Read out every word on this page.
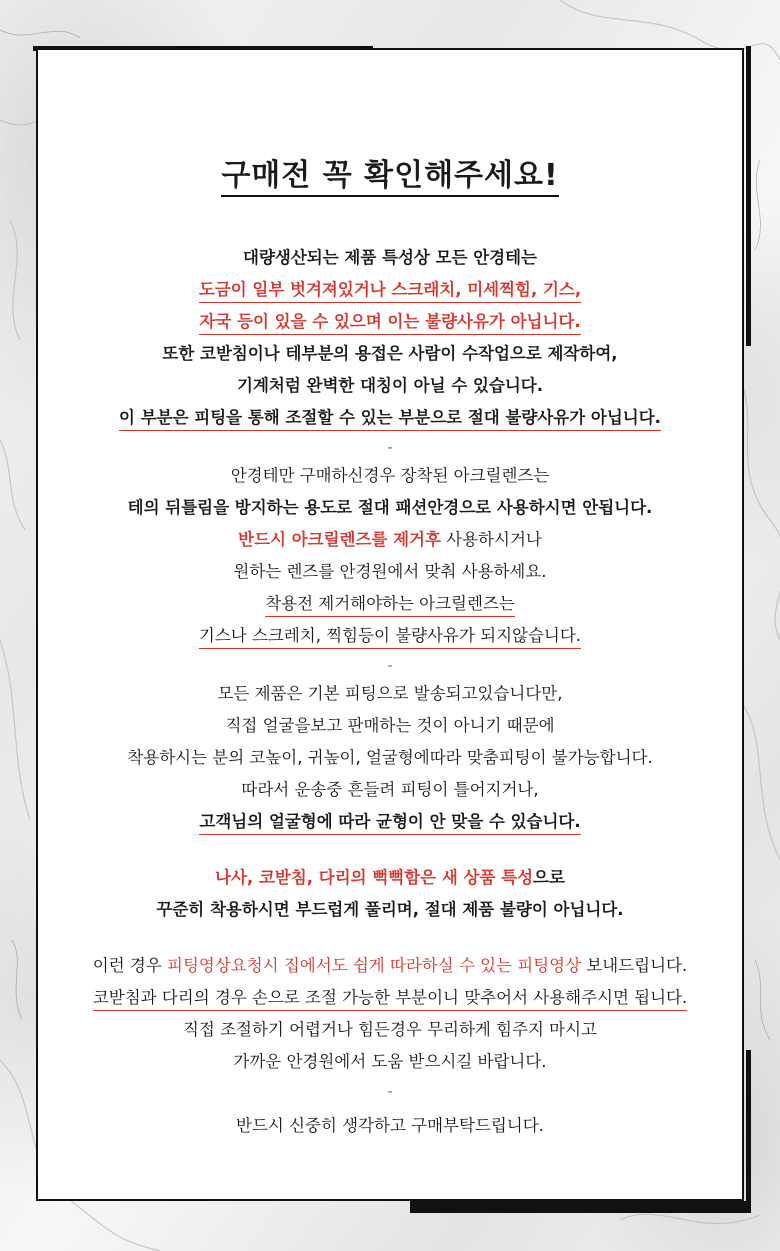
구매전 꼭 확인해주세요!
대량생산되는 제품 특성상 모든 안경테는
도금이 일부 벗겨져있거나 스크래치, 미세찍힘, 기스,
자국 등이 있을 수 있으며 이는 불량사유가 아닙니다.
또한 코받침이나 테부분의 용접은 사람이 수작업으로 제작하여,
기계처럼 완벽한 대칭이 아닐 수 있습니다.
이 부분은 피팅을 통해 조절할 수 있는 부분으로 절대 불량사유가 아닙니다.
-
안경테만 구매하신경우 장착된 아크릴렌즈는
테의 뒤틀림을 방지하는 용도로 절대 패션안경으로 사용하시면 안됩니다.
반드시 아크릴렌즈를 제거후 사용하시거나
원하는 렌즈를 안경원에서 맞춰 사용하세요.
착용전 제거해야하는 아크릴렌즈는
기스나 스크레치, 찍힘등이 불량사유가 되지않습니다.
-
모든 제품은 기본 피팅으로 발송되고있습니다만,
직접 얼굴을보고 판매하는 것이 아니기 때문에
착용하시는 분의 코높이, 귀높이, 얼굴형에따라 맞춤피팅이 불가능합니다.
따라서 운송중 흔들려 피팅이 틀어지거나,
고객님의 얼굴형에 따라 균형이 안 맞을 수 있습니다.
나사, 코받침, 다리의 뻑뻑함은 새 상품 특성으로
꾸준히 착용하시면 부드럽게 풀리며, 절대 제품 불량이 아닙니다.
이런 경우 피팅영상요청시 집에서도 쉽게 따라하실 수 있는 피팅영상 보내드립니다.
코받침과 다리의 경우 손으로 조절 가능한 부분이니 맞추어서 사용해주시면 됩니다.
직접 조절하기 어렵거나 힘든경우 무리하게 힘주지 마시고
가까운 안경원에서 도움 받으시길 바랍니다.
-
반드시 신중히 생각하고 구매부탁드립니다.
